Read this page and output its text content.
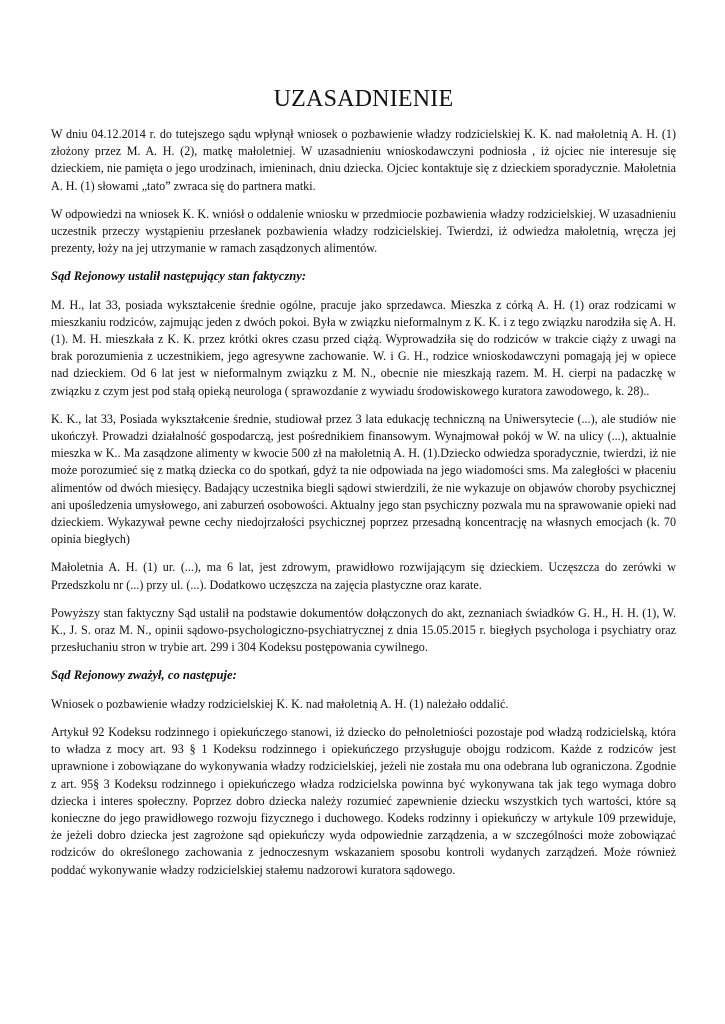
UZASADNIENIE

W dniu 04.12.2014 r. do tutejszego sądu wpłynął wniosek o pozbawienie władzy rodzicielskiej K. K. nad małoletnią A. H. (1) złożony przez M. A. H. (2), matkę małoletniej. W uzasadnieniu wnioskodawczyni podniosła , iż ojciec nie interesuje się dzieckiem, nie pamięta o jego urodzinach, imieninach, dniu dziecka. Ojciec kontaktuje się z dzieckiem sporadycznie. Małoletnia A. H. (1) słowami „tato” zwraca się do partnera matki.

W odpowiedzi na wniosek K. K. wniósł o oddalenie wniosku w przedmiocie pozbawienia władzy rodzicielskiej. W uzasadnieniu uczestnik przeczy wystąpieniu przesłanek pozbawienia władzy rodzicielskiej. Twierdzi, iż odwiedza małoletnią, wręcza jej prezenty, łoży na jej utrzymanie w ramach zasądzonych alimentów.

Sąd Rejonowy ustalił następujący stan faktyczny:

M. H., lat 33, posiada wykształcenie średnie ogólne, pracuje jako sprzedawca. Mieszka z córką A. H. (1) oraz rodzicami w mieszkaniu rodziców, zajmując jeden z dwóch pokoi. Była w związku nieformalnym z K. K. i z tego związku narodziła się A. H. (1). M. H. mieszkała z K. K. przez krótki okres czasu przed ciążą. Wyprowadziła się do rodziców w trakcie ciąży z uwagi na brak porozumienia z uczestnikiem, jego agresywne zachowanie. W. i G. H., rodzice wnioskodawczyni pomagają jej w opiece nad dzieckiem. Od 6 lat jest w nieformalnym związku z M. N., obecnie nie mieszkają razem. M. H. cierpi na padaczkę w związku z czym jest pod stałą opieką neurologa ( sprawozdanie z wywiadu środowiskowego kuratora zawodowego, k. 28)..

K. K., lat 33, Posiada wykształcenie średnie, studiował przez 3 lata edukację techniczną na Uniwersytecie (...), ale studiów nie ukończył. Prowadzi działalność gospodarczą, jest pośrednikiem finansowym. Wynajmował pokój w W. na ulicy (...), aktualnie mieszka w K.. Ma zasądzone alimenty w kwocie 500 zł na małoletnią A. H. (1).Dziecko odwiedza sporadycznie, twierdzi, iż nie może porozumieć się z matką dziecka co do spotkań, gdyż ta nie odpowiada na jego wiadomości sms. Ma zaległości w płaceniu alimentów od dwóch miesięcy. Badający uczestnika biegli sądowi stwierdzili, że nie wykazuje on objawów choroby psychicznej ani upośledzenia umysłowego, ani zaburzeń osobowości. Aktualny jego stan psychiczny pozwala mu na sprawowanie opieki nad dzieckiem. Wykazywał pewne cechy niedojrzałości psychicznej poprzez przesadną koncentrację na własnych emocjach (k. 70 opinia biegłych)

Małoletnia A. H. (1) ur. (...), ma 6 lat, jest zdrowym, prawidłowo rozwijającym się dzieckiem. Uczęszcza do zerówki w Przedszkolu nr (...) przy ul. (...). Dodatkowo uczęszcza na zajęcia plastyczne oraz karate.

Powyższy stan faktyczny Sąd ustalił na podstawie dokumentów dołączonych do akt, zeznaniach świadków G. H., H. H. (1), W. K., J. S. oraz M. N., opinii sądowo-psychologiczno-psychiatrycznej z dnia 15.05.2015 r. biegłych psychologa i psychiatry oraz przesłuchaniu stron w trybie art. 299 i 304 Kodeksu postępowania cywilnego.

Sąd Rejonowy zważył, co następuje:

Wniosek o pozbawienie władzy rodzicielskiej K. K. nad małoletnią A. H. (1) należało oddalić.

Artykuł 92 Kodeksu rodzinnego i opiekuńczego stanowi, iż dziecko do pełnoletniości pozostaje pod władzą rodzicielską, która to władza z mocy art. 93 § 1 Kodeksu rodzinnego i opiekuńczego przysługuje obojgu rodzicom. Każde z rodziców jest uprawnione i zobowiązane do wykonywania władzy rodzicielskiej, jeżeli nie została mu ona odebrana lub ograniczona. Zgodnie z art. 95§ 3 Kodeksu rodzinnego i opiekuńczego władza rodzicielska powinna być wykonywana tak jak tego wymaga dobro dziecka i interes społeczny. Poprzez dobro dziecka należy rozumieć zapewnienie dziecku wszystkich tych wartości, które są konieczne do jego prawidłowego rozwoju fizycznego i duchowego. Kodeks rodzinny i opiekuńczy w artykule 109 przewiduje, że jeżeli dobro dziecka jest zagrożone sąd opiekuńczy wyda odpowiednie zarządzenia, a w szczególności może zobowiązać rodziców do określonego zachowania z jednoczesnym wskazaniem sposobu kontroli wydanych zarządzeń. Może również poddać wykonywanie władzy rodzicielskiej stałemu nadzorowi kuratora sądowego.
